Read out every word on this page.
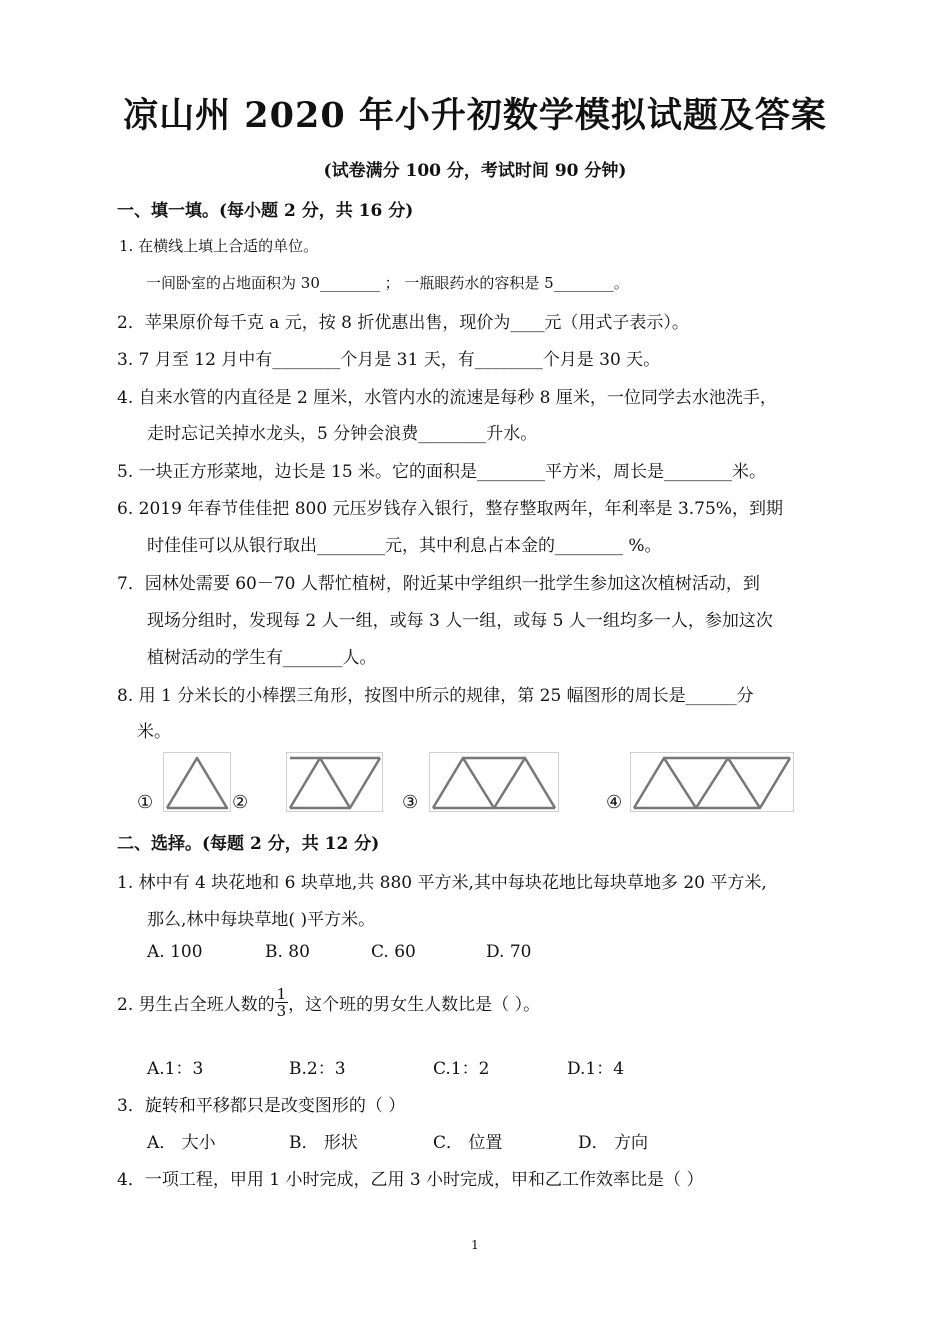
凉山州 2020 年小升初数学模拟试题及答案
(试卷满分 100 分，考试时间 90 分钟)
一、填一填。(每小题 2 分，共 16 分)
1. 在横线上填上合适的单位。
一间卧室的占地面积为 30________ ； 一瓶眼药水的容积是 5________。
2．苹果原价每千克 a 元，按 8 折优惠出售，现价为____元（用式子表示）。
3. 7 月至 12 月中有________个月是 31 天，有________个月是 30 天。
4. 自来水管的内直径是 2 厘米，水管内水的流速是每秒 8 厘米，一位同学去水池洗手，
走时忘记关掉水龙头，5 分钟会浪费________升水。
5. 一块正方形菜地，边长是 15 米。它的面积是________平方米，周长是________米。
6. 2019 年春节佳佳把 800 元压岁钱存入银行，整存整取两年，年利率是 3.75%，到期
时佳佳可以从银行取出________元，其中利息占本金的________ %。
7．园林处需要 60－70 人帮忙植树，附近某中学组织一批学生参加这次植树活动，到
现场分组时，发现每 2 人一组，或每 3 人一组，或每 5 人一组均多一人，参加这次
植树活动的学生有_______人。
8. 用 1 分米长的小棒摆三角形，按图中所示的规律，第 25 幅图形的周长是______分
米。
①	②	③	④
二、选择。(每题 2 分，共 12 分)
1. 林中有 4 块花地和 6 块草地,共 880 平方米,其中每块花地比每块草地多 20 平方米,
那么,林中每块草地( )平方米。
A. 100	B. 80	C. 60	D. 70
2. 男生占全班人数的 $\frac{1}{3}$ ，这个班的男女生人数比是（ ）。
A.1：3	B.2：3	C.1：2	D.1：4
3．旋转和平移都只是改变图形的（ ）
A． 大小	B． 形状	C． 位置	D． 方向
4．一项工程，甲用 1 小时完成，乙用 3 小时完成，甲和乙工作效率比是（ ）
1
